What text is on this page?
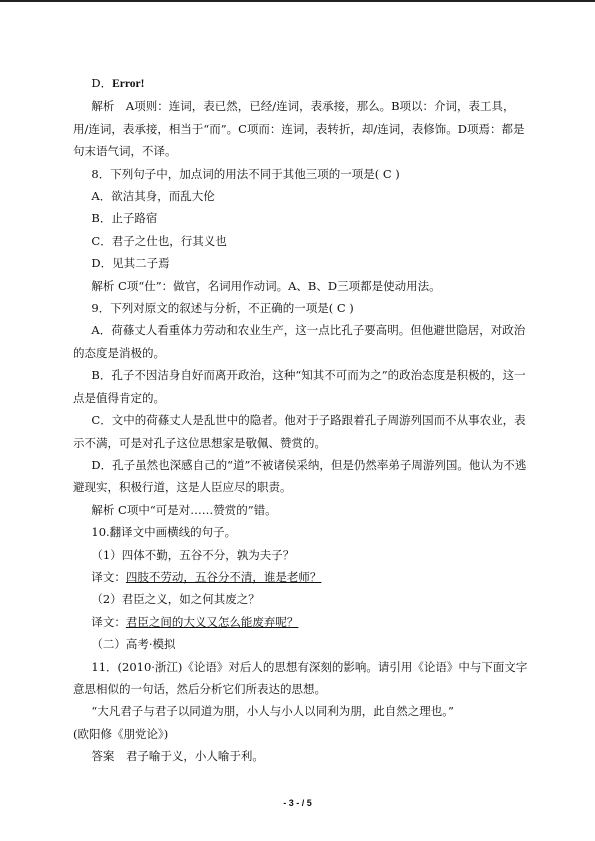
D．Error!

解析　A项则：连词，表已然，已经/连词，表承接，那么。B项以：介词，表工具，用/连词，表承接，相当于“而”。C项而：连词，表转折，却/连词，表修饰。D项焉：都是句末语气词，不译。

8．下列句子中，加点词的用法不同于其他三项的一项是( C )

A．欲洁其身，而乱大伦

B．止子路宿

C．君子之仕也，行其义也

D．见其二子焉

解析 C项“仕”：做官，名词用作动词。A、B、D三项都是使动用法。

9．下列对原文的叙述与分析，不正确的一项是( C )

A．荷蓧丈人看重体力劳动和农业生产，这一点比孔子要高明。但他避世隐居，对政治的态度是消极的。

B．孔子不因洁身自好而离开政治，这种“知其不可而为之”的政治态度是积极的，这一点是值得肯定的。

C．文中的荷蓧丈人是乱世中的隐者。他对于子路跟着孔子周游列国而不从事农业，表示不满，可是对孔子这位思想家是敬佩、赞赏的。

D．孔子虽然也深感自己的“道”不被诸侯采纳，但是仍然率弟子周游列国。他认为不逃避现实，积极行道，这是人臣应尽的职责。

解析 C项中“可是对……赞赏的”错。

10.翻译文中画横线的句子。

（1）四体不勤，五谷不分，孰为夫子？

译文：四肢不劳动，五谷分不清，谁是老师？

（2）君臣之义，如之何其废之？

译文：君臣之间的大义又怎么能废弃呢？

（二）高考·模拟

11．(2010·浙江)《论语》对后人的思想有深刻的影响。请引用《论语》中与下面文字意思相似的一句话，然后分析它们所表达的思想。

“大凡君子与君子以同道为朋，小人与小人以同利为朋，此自然之理也。”

(欧阳修《朋党论》)

答案　君子喻于义，小人喻于利。

- 3 - / 5
